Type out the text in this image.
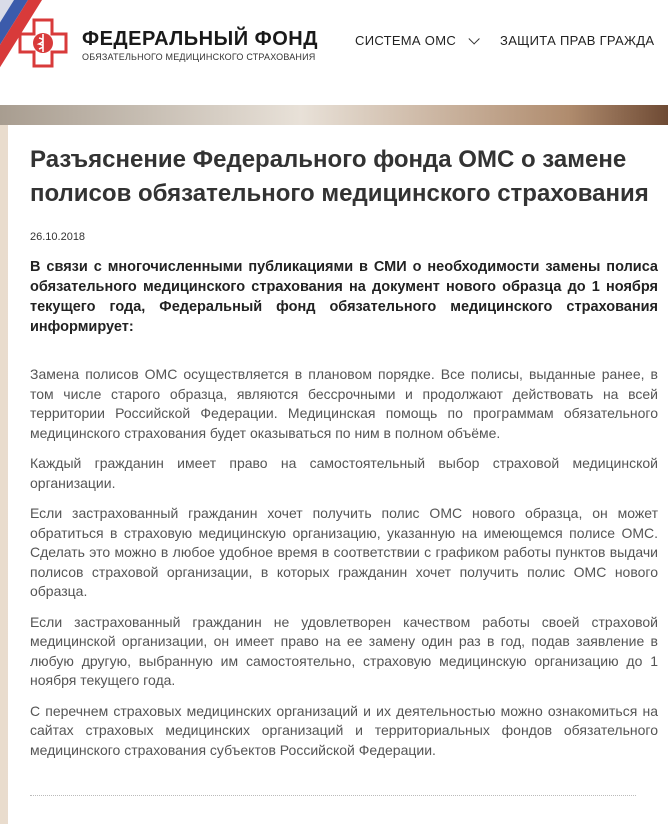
ФЕДЕРАЛЬНЫЙ ФОНД
ОБЯЗАТЕЛЬНОГО МЕДИЦИНСКОГО СТРАХОВАНИЯ
СИСТЕМА ОМС	ЗАЩИТА ПРАВ ГРАЖДА
Разъяснение Федерального фонда ОМС о замене полисов обязательного медицинского страхования
26.10.2018
В связи с многочисленными публикациями в СМИ о необходимости замены полиса обязательного медицинского страхования на документ нового образца до 1 ноября текущего года, Федеральный фонд обязательного медицинского страхования информирует:

Замена полисов ОМС осуществляется в плановом порядке. Все полисы, выданные ранее, в том числе старого образца, являются бессрочными и продолжают действовать на всей территории Российской Федерации. Медицинская помощь по программам обязательного медицинского страхования будет оказываться по ним в полном объёме.

Каждый гражданин имеет право на самостоятельный выбор страховой медицинской организации.

Если застрахованный гражданин хочет получить полис ОМС нового образца, он может обратиться в страховую медицинскую организацию, указанную на имеющемся полисе ОМС. Сделать это можно в любое удобное время в соответствии с графиком работы пунктов выдачи полисов страховой организации, в которых гражданин хочет получить полис ОМС нового образца.

Если застрахованный гражданин не удовлетворен качеством работы своей страховой медицинской организации, он имеет право на ее замену один раз в год, подав заявление в любую другую, выбранную им самостоятельно, страховую медицинскую организацию до 1 ноября текущего года.

С перечнем страховых медицинских организаций и их деятельностью можно ознакомиться на сайтах страховых медицинских организаций и территориальных фондов обязательного медицинского страхования субъектов Российской Федерации.
